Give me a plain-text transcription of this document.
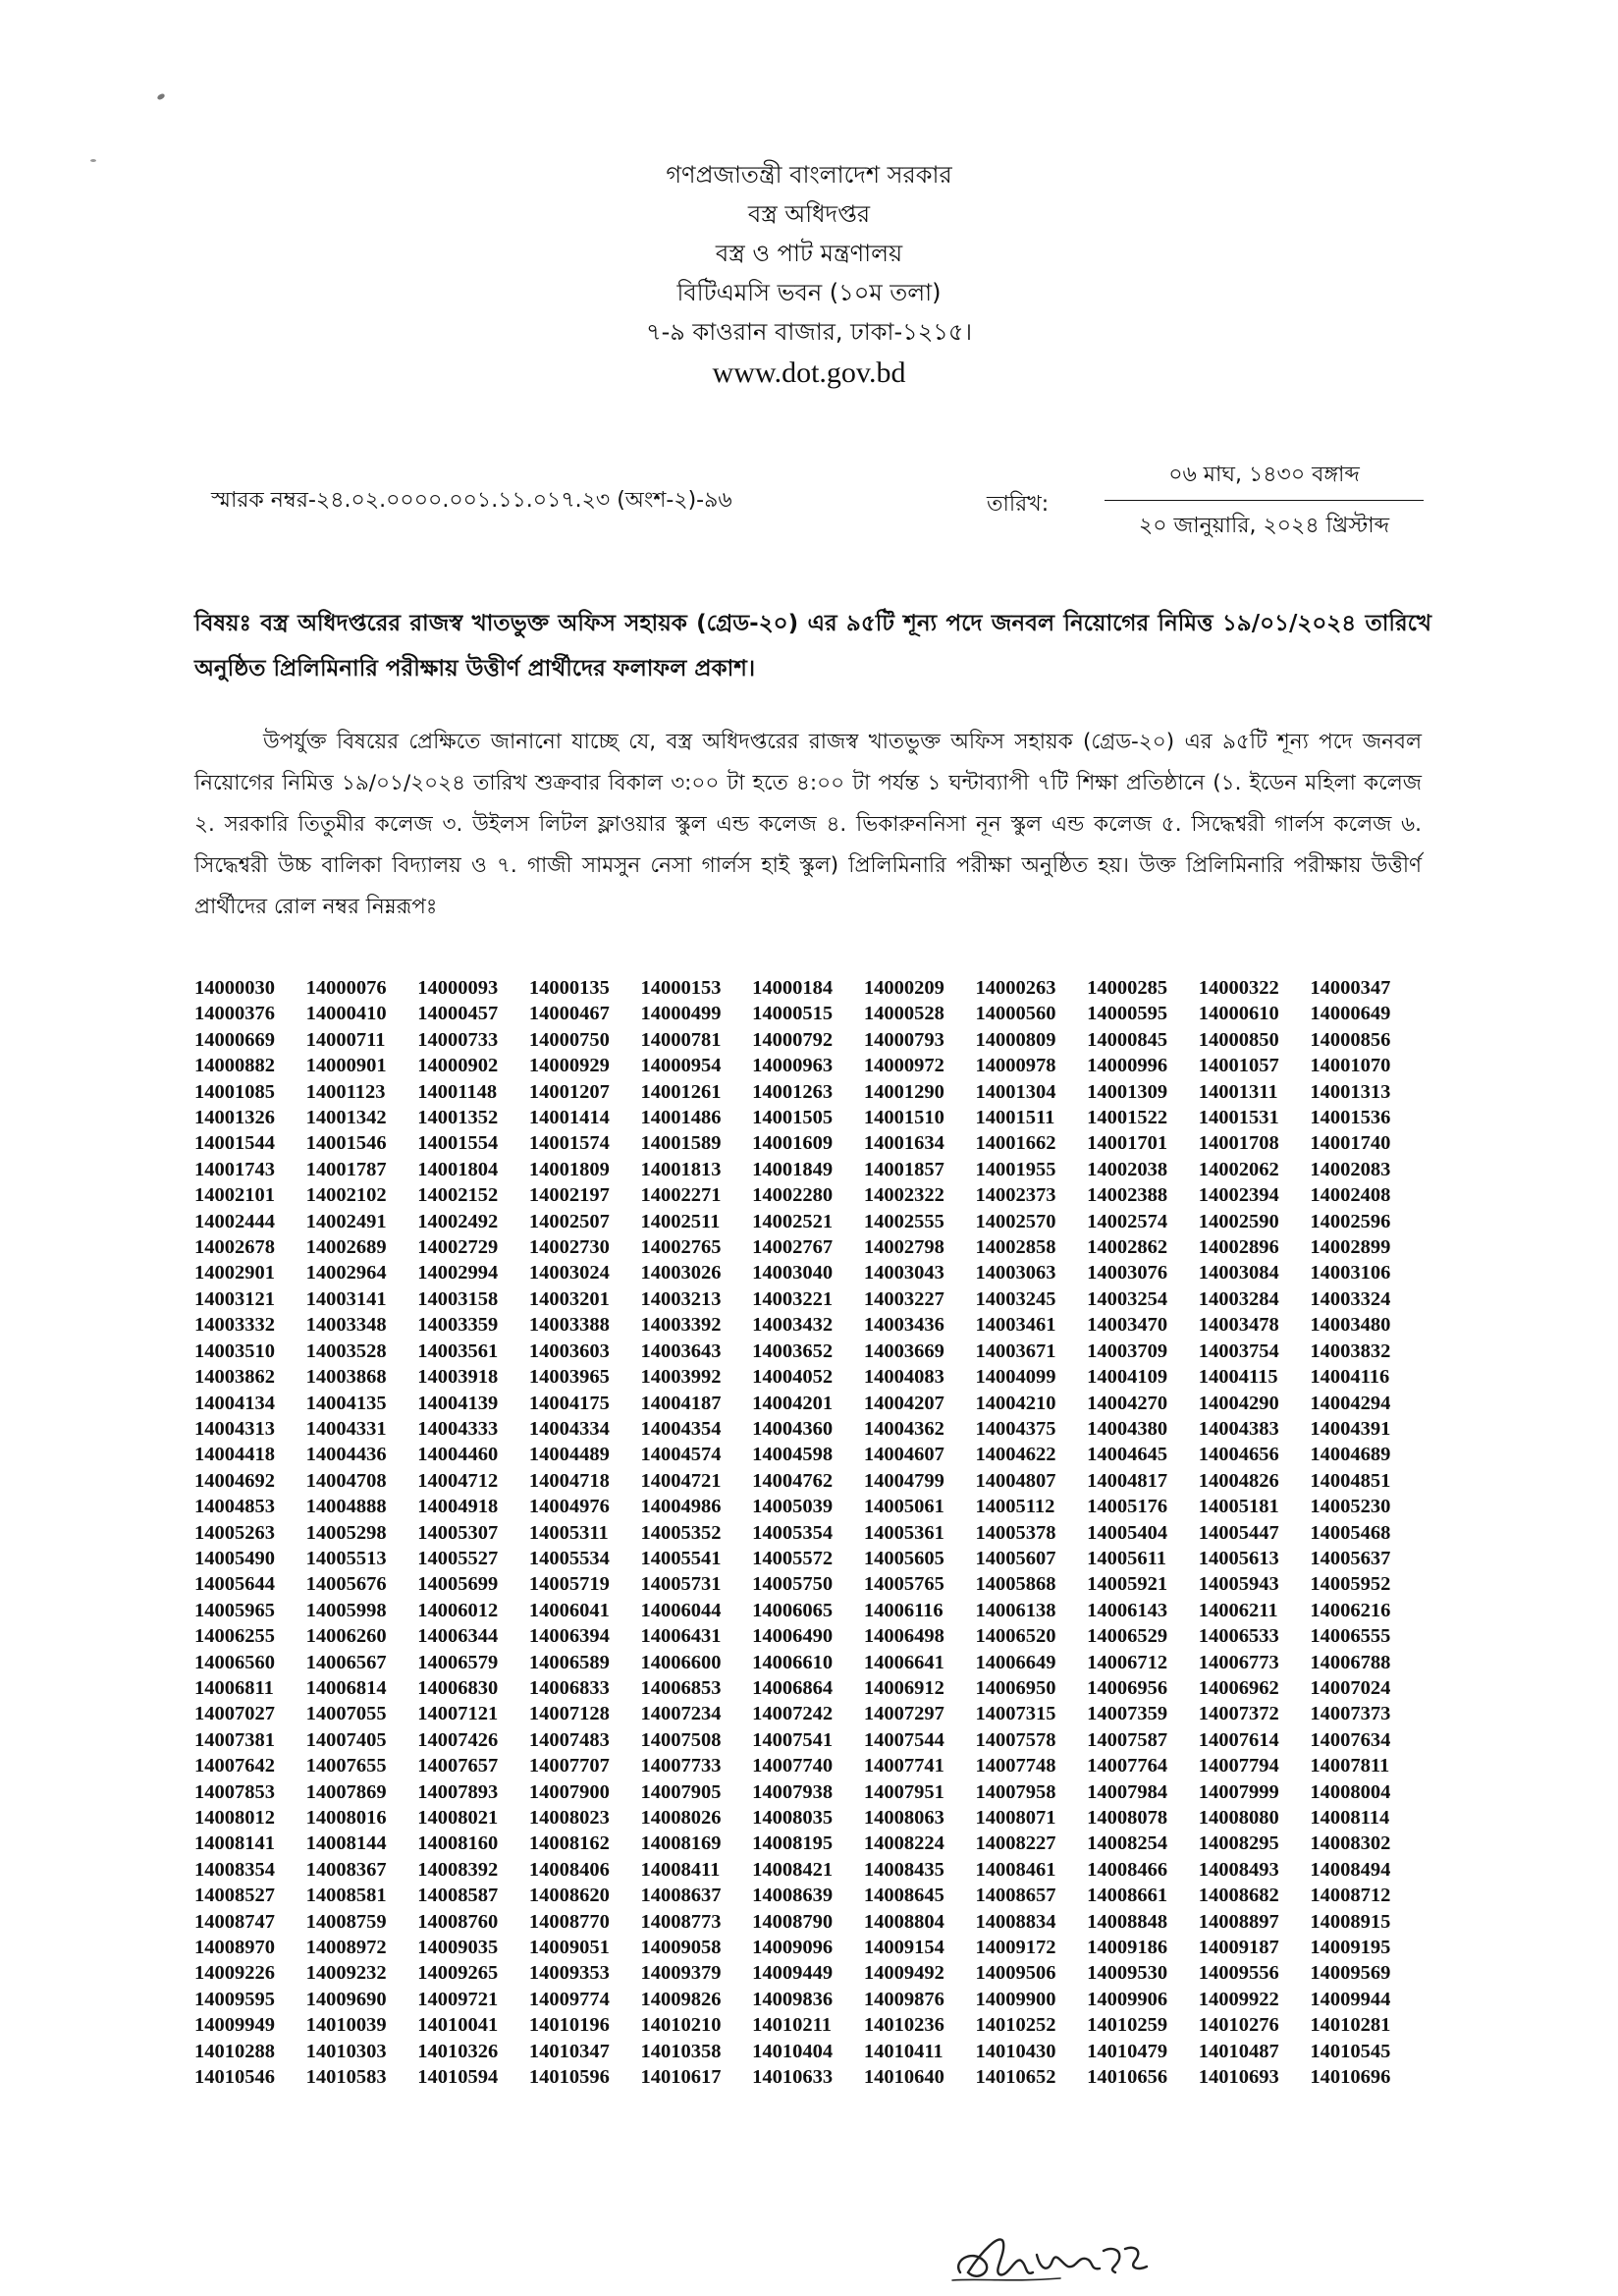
গণপ্রজাতন্ত্রী বাংলাদেশ সরকার
বস্ত্র অধিদপ্তর
বস্ত্র ও পাট মন্ত্রণালয়
বিটিএমসি ভবন (১০ম তলা)
৭-৯ কাওরান বাজার, ঢাকা-১২১৫।
www.dot.gov.bd
স্মারক নম্বর-২৪.০২.০০০০.০০১.১১.০১৭.২৩ (অংশ-২)-৯৬	তারিখ:
০৬ মাঘ, ১৪৩০ বঙ্গাব্দ
২০ জানুয়ারি, ২০২৪ খ্রিস্টাব্দ
বিষয়ঃ বস্ত্র অধিদপ্তরের রাজস্ব খাতভুক্ত অফিস সহায়ক (গ্রেড-২০) এর ৯৫টি শূন্য পদে জনবল নিয়োগের নিমিত্ত ১৯/০১/২০২৪ তারিখে অনুষ্ঠিত প্রিলিমিনারি পরীক্ষায় উত্তীর্ণ প্রার্থীদের ফলাফল প্রকাশ।
উপর্যুক্ত বিষয়ের প্রেক্ষিতে জানানো যাচ্ছে যে, বস্ত্র অধিদপ্তরের রাজস্ব খাতভুক্ত অফিস সহায়ক (গ্রেড-২০) এর ৯৫টি শূন্য পদে জনবল নিয়োগের নিমিত্ত ১৯/০১/২০২৪ তারিখ শুক্রবার বিকাল ৩:০০ টা হতে ৪:০০ টা পর্যন্ত ১ ঘন্টাব্যাপী ৭টি শিক্ষা প্রতিষ্ঠানে (১. ইডেন মহিলা কলেজ ২. সরকারি তিতুমীর কলেজ ৩. উইলস লিটল ফ্লাওয়ার স্কুল এন্ড কলেজ ৪. ভিকারুননিসা নূন স্কুল এন্ড কলেজ ৫. সিদ্ধেশ্বরী গার্লস কলেজ ৬. সিদ্ধেশ্বরী উচ্চ বালিকা বিদ্যালয় ও ৭. গাজী সামসুন নেসা গার্লস হাই স্কুল) প্রিলিমিনারি পরীক্ষা অনুষ্ঠিত হয়। উক্ত প্রিলিমিনারি পরীক্ষায় উত্তীর্ণ প্রার্থীদের রোল নম্বর নিম্নরূপঃ
14000030	14000076	14000093	14000135	14000153	14000184	14000209	14000263	14000285	14000322	14000347
14000376	14000410	14000457	14000467	14000499	14000515	14000528	14000560	14000595	14000610	14000649
14000669	14000711	14000733	14000750	14000781	14000792	14000793	14000809	14000845	14000850	14000856
14000882	14000901	14000902	14000929	14000954	14000963	14000972	14000978	14000996	14001057	14001070
14001085	14001123	14001148	14001207	14001261	14001263	14001290	14001304	14001309	14001311	14001313
14001326	14001342	14001352	14001414	14001486	14001505	14001510	14001511	14001522	14001531	14001536
14001544	14001546	14001554	14001574	14001589	14001609	14001634	14001662	14001701	14001708	14001740
14001743	14001787	14001804	14001809	14001813	14001849	14001857	14001955	14002038	14002062	14002083
14002101	14002102	14002152	14002197	14002271	14002280	14002322	14002373	14002388	14002394	14002408
14002444	14002491	14002492	14002507	14002511	14002521	14002555	14002570	14002574	14002590	14002596
14002678	14002689	14002729	14002730	14002765	14002767	14002798	14002858	14002862	14002896	14002899
14002901	14002964	14002994	14003024	14003026	14003040	14003043	14003063	14003076	14003084	14003106
14003121	14003141	14003158	14003201	14003213	14003221	14003227	14003245	14003254	14003284	14003324
14003332	14003348	14003359	14003388	14003392	14003432	14003436	14003461	14003470	14003478	14003480
14003510	14003528	14003561	14003603	14003643	14003652	14003669	14003671	14003709	14003754	14003832
14003862	14003868	14003918	14003965	14003992	14004052	14004083	14004099	14004109	14004115	14004116
14004134	14004135	14004139	14004175	14004187	14004201	14004207	14004210	14004270	14004290	14004294
14004313	14004331	14004333	14004334	14004354	14004360	14004362	14004375	14004380	14004383	14004391
14004418	14004436	14004460	14004489	14004574	14004598	14004607	14004622	14004645	14004656	14004689
14004692	14004708	14004712	14004718	14004721	14004762	14004799	14004807	14004817	14004826	14004851
14004853	14004888	14004918	14004976	14004986	14005039	14005061	14005112	14005176	14005181	14005230
14005263	14005298	14005307	14005311	14005352	14005354	14005361	14005378	14005404	14005447	14005468
14005490	14005513	14005527	14005534	14005541	14005572	14005605	14005607	14005611	14005613	14005637
14005644	14005676	14005699	14005719	14005731	14005750	14005765	14005868	14005921	14005943	14005952
14005965	14005998	14006012	14006041	14006044	14006065	14006116	14006138	14006143	14006211	14006216
14006255	14006260	14006344	14006394	14006431	14006490	14006498	14006520	14006529	14006533	14006555
14006560	14006567	14006579	14006589	14006600	14006610	14006641	14006649	14006712	14006773	14006788
14006811	14006814	14006830	14006833	14006853	14006864	14006912	14006950	14006956	14006962	14007024
14007027	14007055	14007121	14007128	14007234	14007242	14007297	14007315	14007359	14007372	14007373
14007381	14007405	14007426	14007483	14007508	14007541	14007544	14007578	14007587	14007614	14007634
14007642	14007655	14007657	14007707	14007733	14007740	14007741	14007748	14007764	14007794	14007811
14007853	14007869	14007893	14007900	14007905	14007938	14007951	14007958	14007984	14007999	14008004
14008012	14008016	14008021	14008023	14008026	14008035	14008063	14008071	14008078	14008080	14008114
14008141	14008144	14008160	14008162	14008169	14008195	14008224	14008227	14008254	14008295	14008302
14008354	14008367	14008392	14008406	14008411	14008421	14008435	14008461	14008466	14008493	14008494
14008527	14008581	14008587	14008620	14008637	14008639	14008645	14008657	14008661	14008682	14008712
14008747	14008759	14008760	14008770	14008773	14008790	14008804	14008834	14008848	14008897	14008915
14008970	14008972	14009035	14009051	14009058	14009096	14009154	14009172	14009186	14009187	14009195
14009226	14009232	14009265	14009353	14009379	14009449	14009492	14009506	14009530	14009556	14009569
14009595	14009690	14009721	14009774	14009826	14009836	14009876	14009900	14009906	14009922	14009944
14009949	14010039	14010041	14010196	14010210	14010211	14010236	14010252	14010259	14010276	14010281
14010288	14010303	14010326	14010347	14010358	14010404	14010411	14010430	14010479	14010487	14010545
14010546	14010583	14010594	14010596	14010617	14010633	14010640	14010652	14010656	14010693	14010696
